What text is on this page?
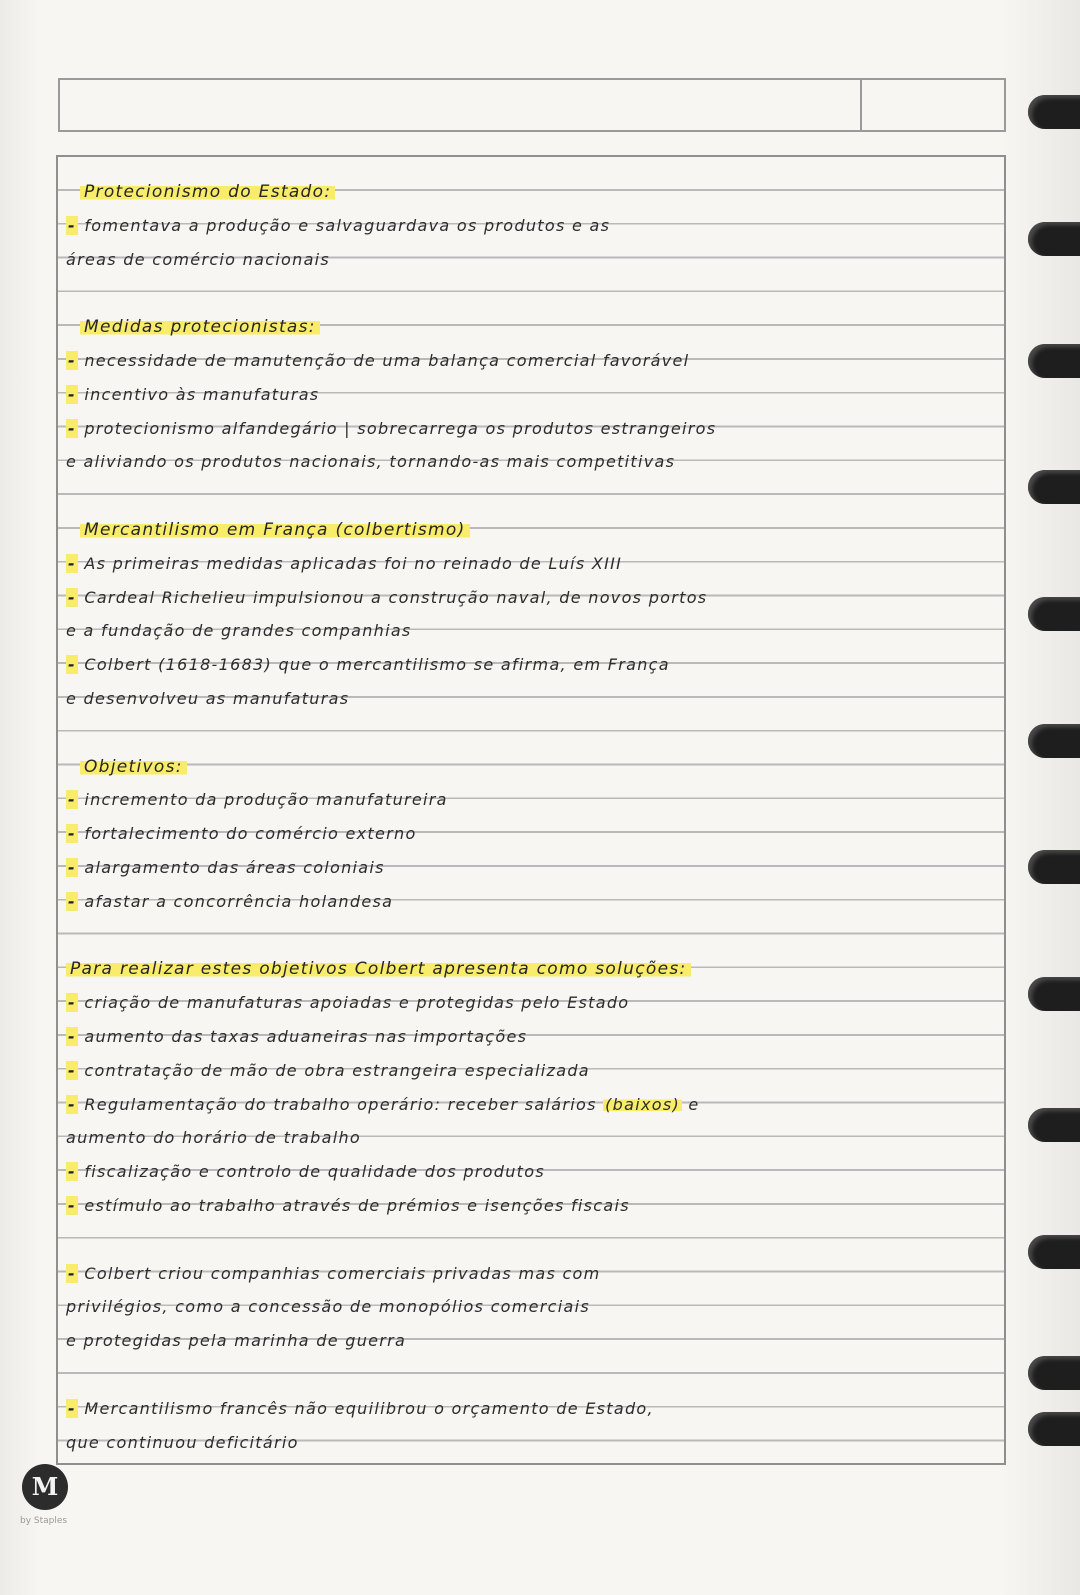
Protecionismo do Estado:
- fomentava a produção e salvaguardava os produtos e as
áreas de comércio nacionais
Medidas protecionistas:
- necessidade de manutenção de uma balança comercial favorável
- incentivo às manufaturas
- protecionismo alfandegário | sobrecarrega os produtos estrangeiros
e aliviando os produtos nacionais, tornando-as mais competitivas
Mercantilismo em França (colbertismo)
- As primeiras medidas aplicadas foi no reinado de Luís XIII
- Cardeal Richelieu impulsionou a construção naval, de novos portos
e a fundação de grandes companhias
- Colbert (1618-1683) que o mercantilismo se afirma, em França
e desenvolveu as manufaturas
Objetivos:
- incremento da produção manufatureira
- fortalecimento do comércio externo
- alargamento das áreas coloniais
- afastar a concorrência holandesa
Para realizar estes objetivos Colbert apresenta como soluções:
- criação de manufaturas apoiadas e protegidas pelo Estado
- aumento das taxas aduaneiras nas importações
- contratação de mão de obra estrangeira especializada
- Regulamentação do trabalho operário: receber salários (baixos) e
aumento do horário de trabalho
- fiscalização e controlo de qualidade dos produtos
- estímulo ao trabalho através de prémios e isenções fiscais
- Colbert criou companhias comerciais privadas mas com
privilégios, como a concessão de monopólios comerciais
e protegidas pela marinha de guerra
- Mercantilismo francês não equilibrou o orçamento de Estado,
que continuou deficitário
M
by Staples
